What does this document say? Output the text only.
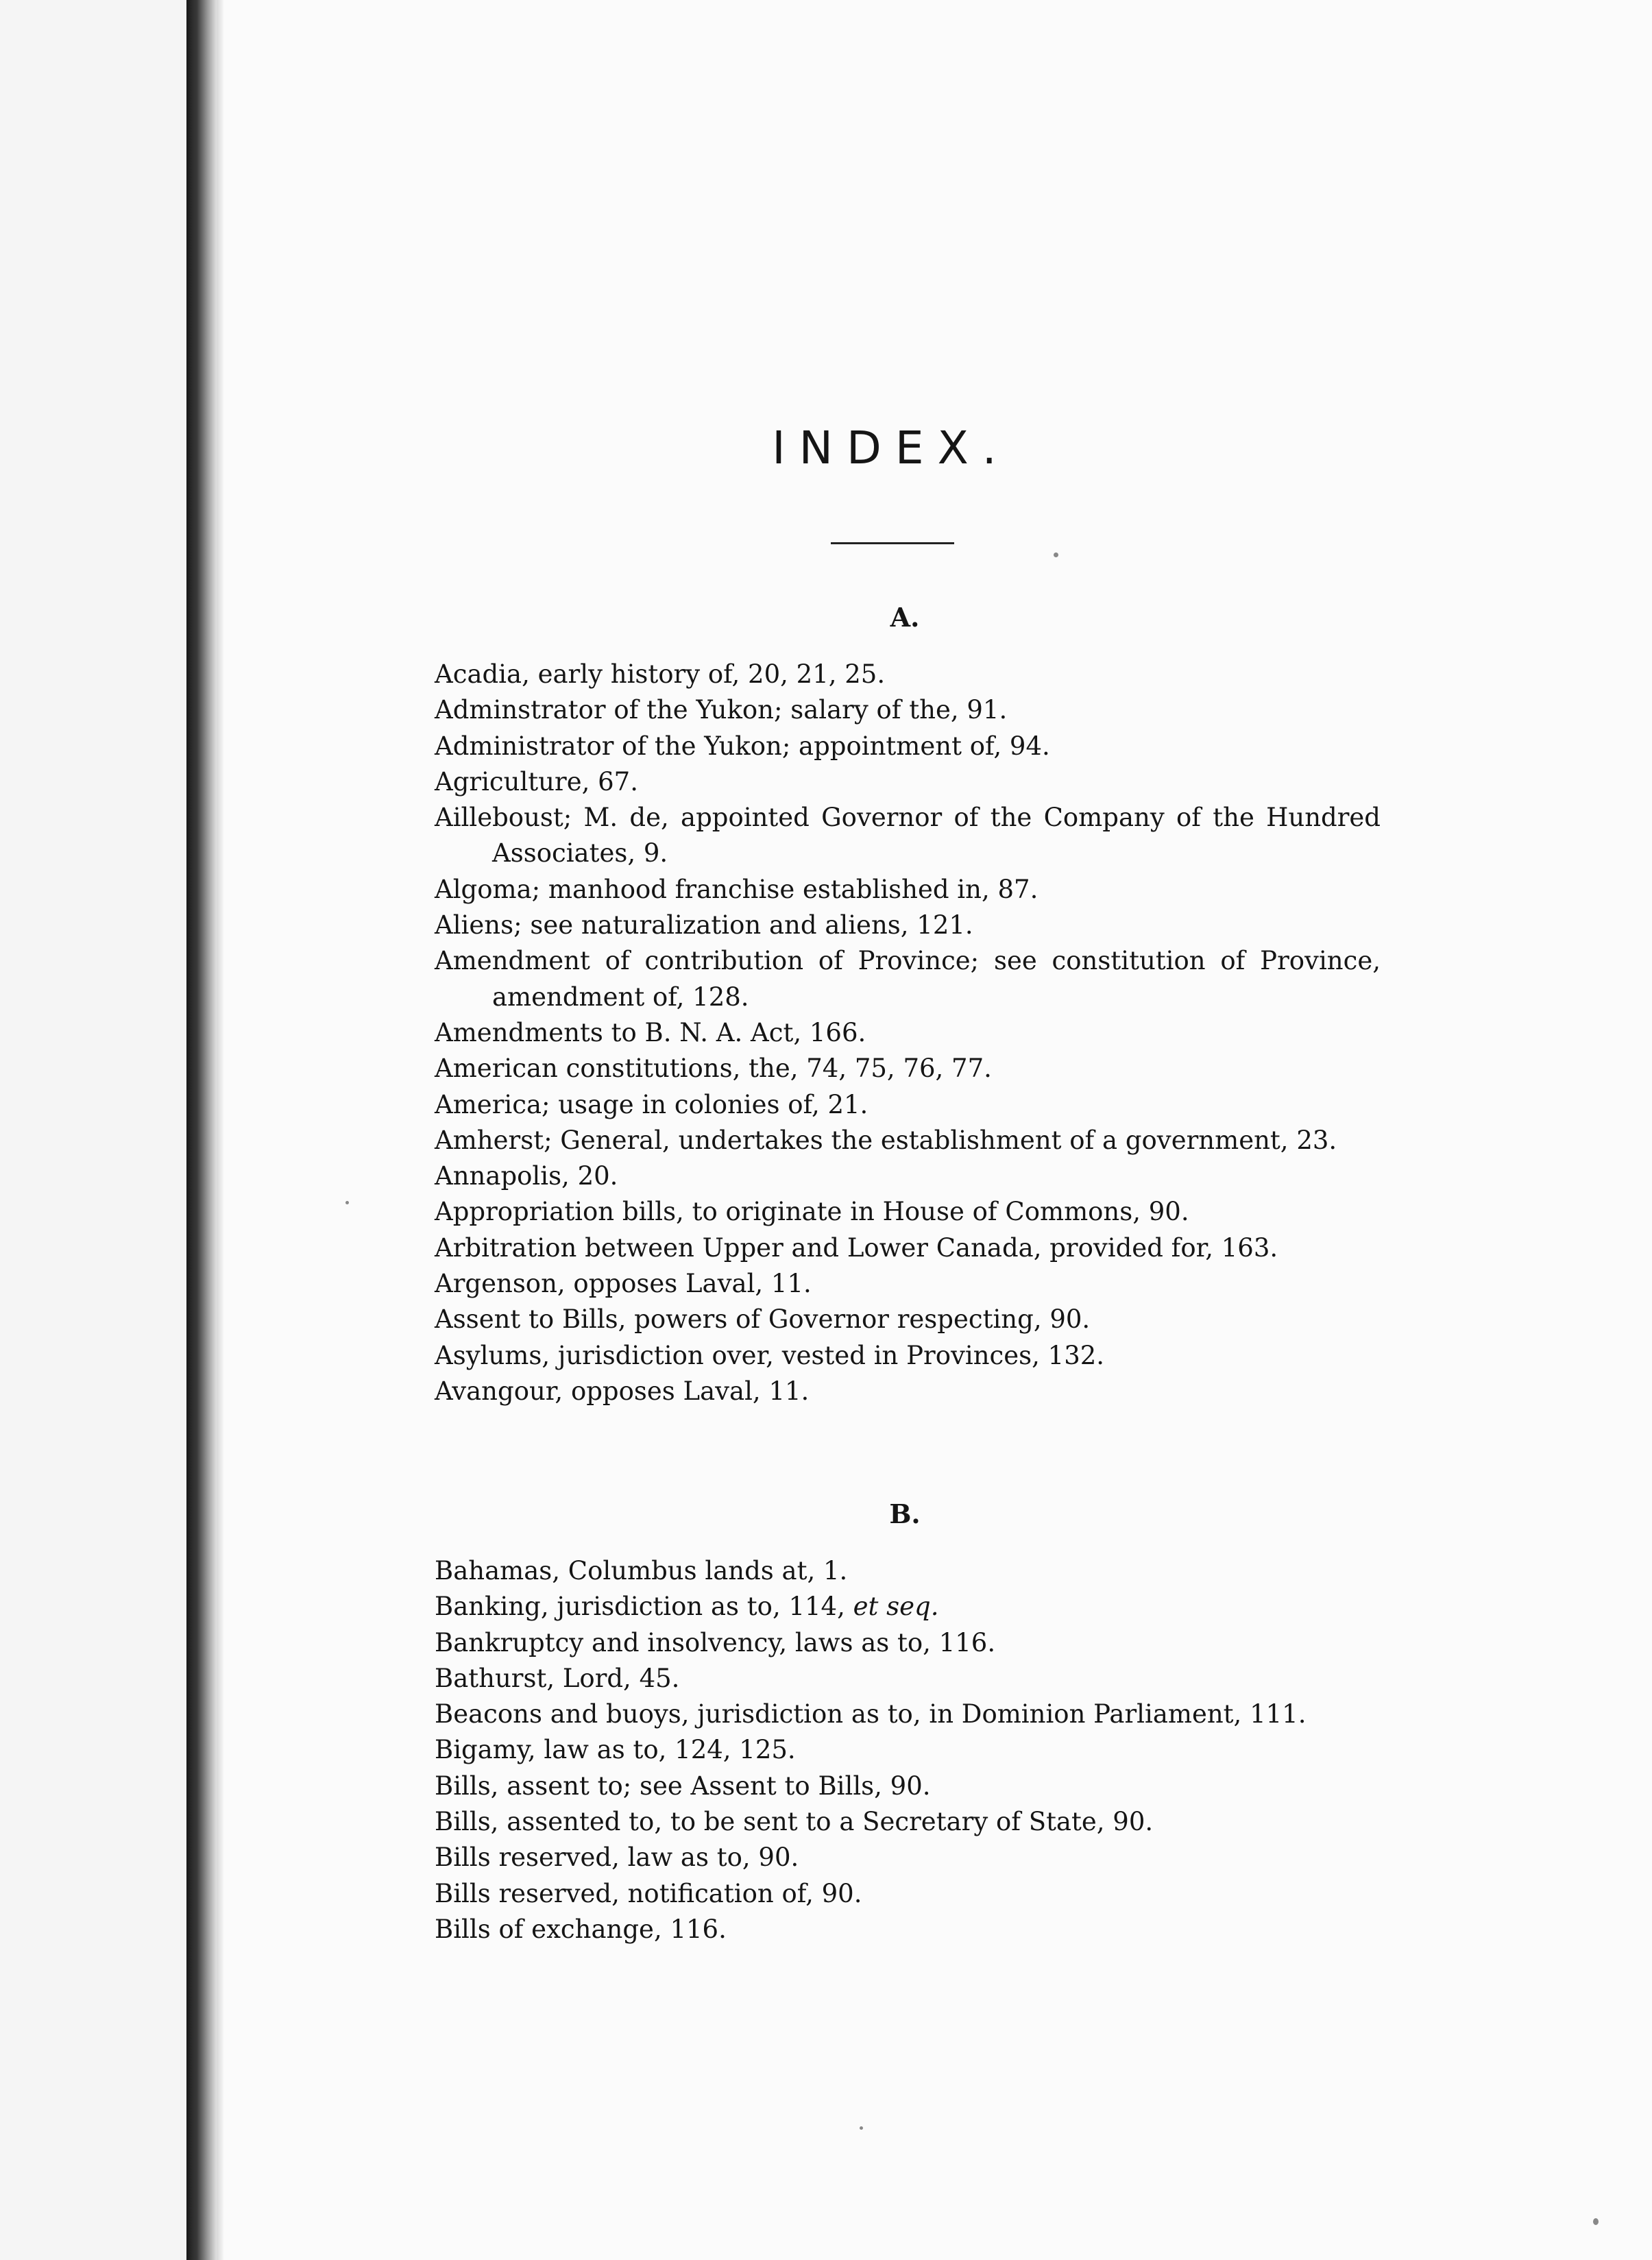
INDEX.
A.
Acadia, early history of, 20, 21, 25.
Adminstrator of the Yukon; salary of the, 91.
Administrator of the Yukon; appointment of, 94.
Agriculture, 67.
Ailleboust; M. de, appointed Governor of the Company of the Hundred Associates, 9.
Algoma; manhood franchise established in, 87.
Aliens; see naturalization and aliens, 121.
Amendment of contribution of Province; see constitution of Province, amendment of, 128.
Amendments to B. N. A. Act, 166.
American constitutions, the, 74, 75, 76, 77.
America; usage in colonies of, 21.
Amherst; General, undertakes the establishment of a government, 23.
Annapolis, 20.
Appropriation bills, to originate in House of Commons, 90.
Arbitration between Upper and Lower Canada, provided for, 163.
Argenson, opposes Laval, 11.
Assent to Bills, powers of Governor respecting, 90.
Asylums, jurisdiction over, vested in Provinces, 132.
Avangour, opposes Laval, 11.
B.
Bahamas, Columbus lands at, 1.
Banking, jurisdiction as to, 114, et seq.
Bankruptcy and insolvency, laws as to, 116.
Bathurst, Lord, 45.
Beacons and buoys, jurisdiction as to, in Dominion Parliament, 111.
Bigamy, law as to, 124, 125.
Bills, assent to; see Assent to Bills, 90.
Bills, assented to, to be sent to a Secretary of State, 90.
Bills reserved, law as to, 90.
Bills reserved, notification of, 90.
Bills of exchange, 116.
